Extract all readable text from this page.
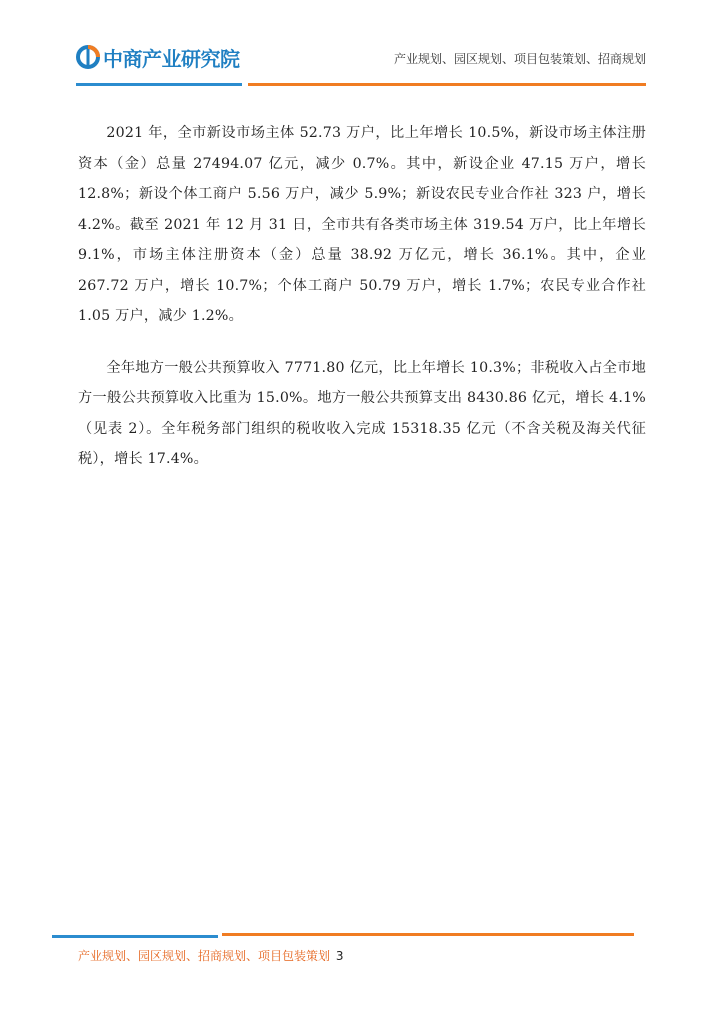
中商产业研究院	产业规划、园区规划、项目包装策划、招商规划

2021 年，全市新设市场主体 52.73 万户，比上年增长 10.5%，新设市场主体注册资本（金）总量 27494.07 亿元，减少 0.7%。其中，新设企业 47.15 万户，增长 12.8%；新设个体工商户 5.56 万户，减少 5.9%；新设农民专业合作社 323 户，增长 4.2%。截至 2021 年 12 月 31 日，全市共有各类市场主体 319.54 万户，比上年增长 9.1%，市场主体注册资本（金）总量 38.92 万亿元，增长 36.1%。其中，企业 267.72 万户，增长 10.7%；个体工商户 50.79 万户，增长 1.7%；农民专业合作社 1.05 万户，减少 1.2%。

全年地方一般公共预算收入 7771.80 亿元，比上年增长 10.3%；非税收入占全市地方一般公共预算收入比重为 15.0%。地方一般公共预算支出 8430.86 亿元，增长 4.1%（见表 2）。全年税务部门组织的税收收入完成 15318.35 亿元（不含关税及海关代征税），增长 17.4%。

产业规划、园区规划、招商规划、项目包装策划 3
